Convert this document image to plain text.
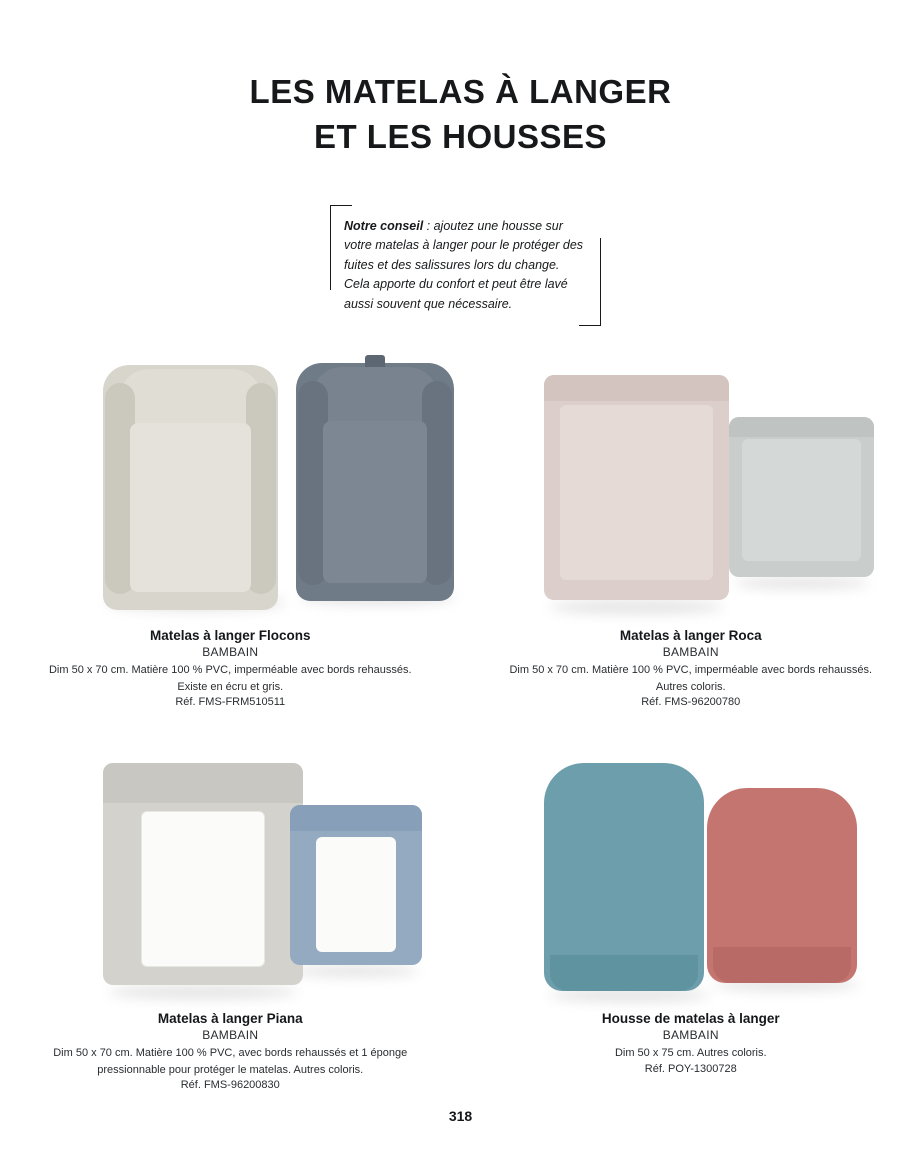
LES MATELAS À LANGER
ET LES HOUSSES
Notre conseil : ajoutez une housse sur votre matelas à langer pour le protéger des fuites et des salissures lors du change. Cela apporte du confort et peut être lavé aussi souvent que nécessaire.
Matelas à langer Flocons
BAMBAIN
Dim 50 x 70 cm. Matière 100 % PVC, imperméable avec bords rehaussés. Existe en écru et gris.
Réf. FMS-FRM510511
Matelas à langer Roca
BAMBAIN
Dim 50 x 70 cm. Matière 100 % PVC, imperméable avec bords rehaussés. Autres coloris.
Réf. FMS-96200780
Matelas à langer Piana
BAMBAIN
Dim 50 x 70 cm. Matière 100 % PVC, avec bords rehaussés et 1 éponge pressionnable pour protéger le matelas. Autres coloris.
Réf. FMS-96200830
Housse de matelas à langer
BAMBAIN
Dim 50 x 75 cm. Autres coloris.
Réf. POY-1300728
318
